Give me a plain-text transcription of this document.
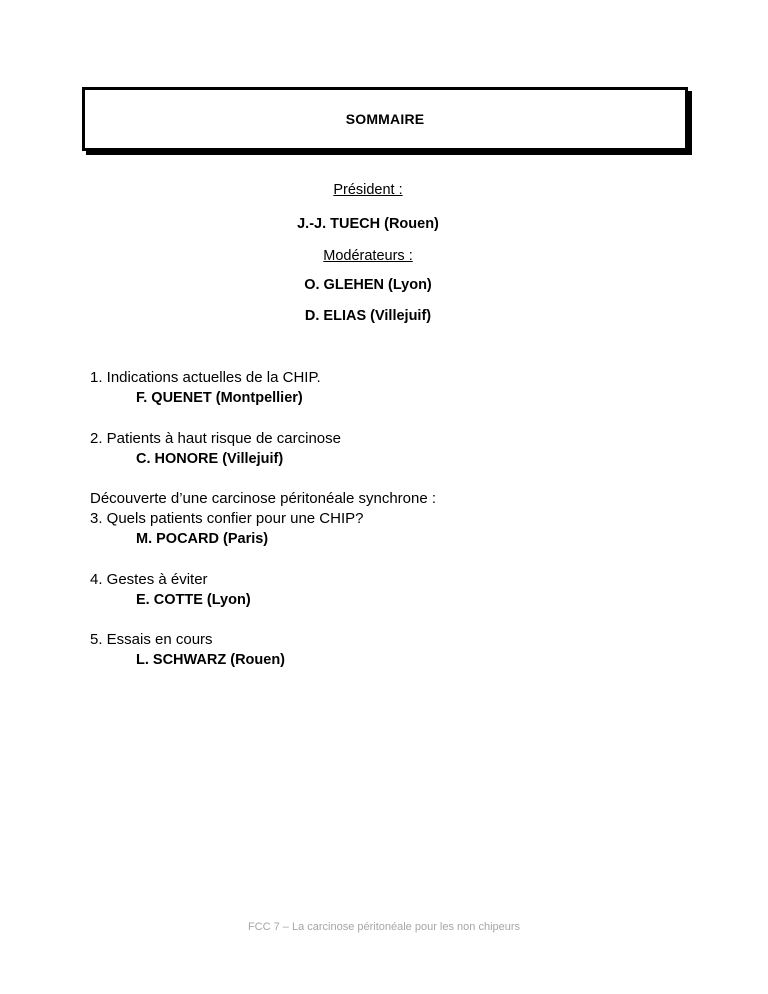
SOMMAIRE
Président :
J.-J. TUECH (Rouen)
Modérateurs :
O. GLEHEN (Lyon)
D. ELIAS (Villejuif)
1. Indications actuelles de la CHIP.
F. QUENET (Montpellier)
2. Patients à haut risque de carcinose
C. HONORE (Villejuif)
Découverte d’une carcinose péritonéale synchrone :
3. Quels patients confier pour une CHIP?
M. POCARD (Paris)
4. Gestes à éviter
E. COTTE (Lyon)
5. Essais en cours
L. SCHWARZ (Rouen)
FCC 7 – La carcinose péritonéale pour les non chipeurs
